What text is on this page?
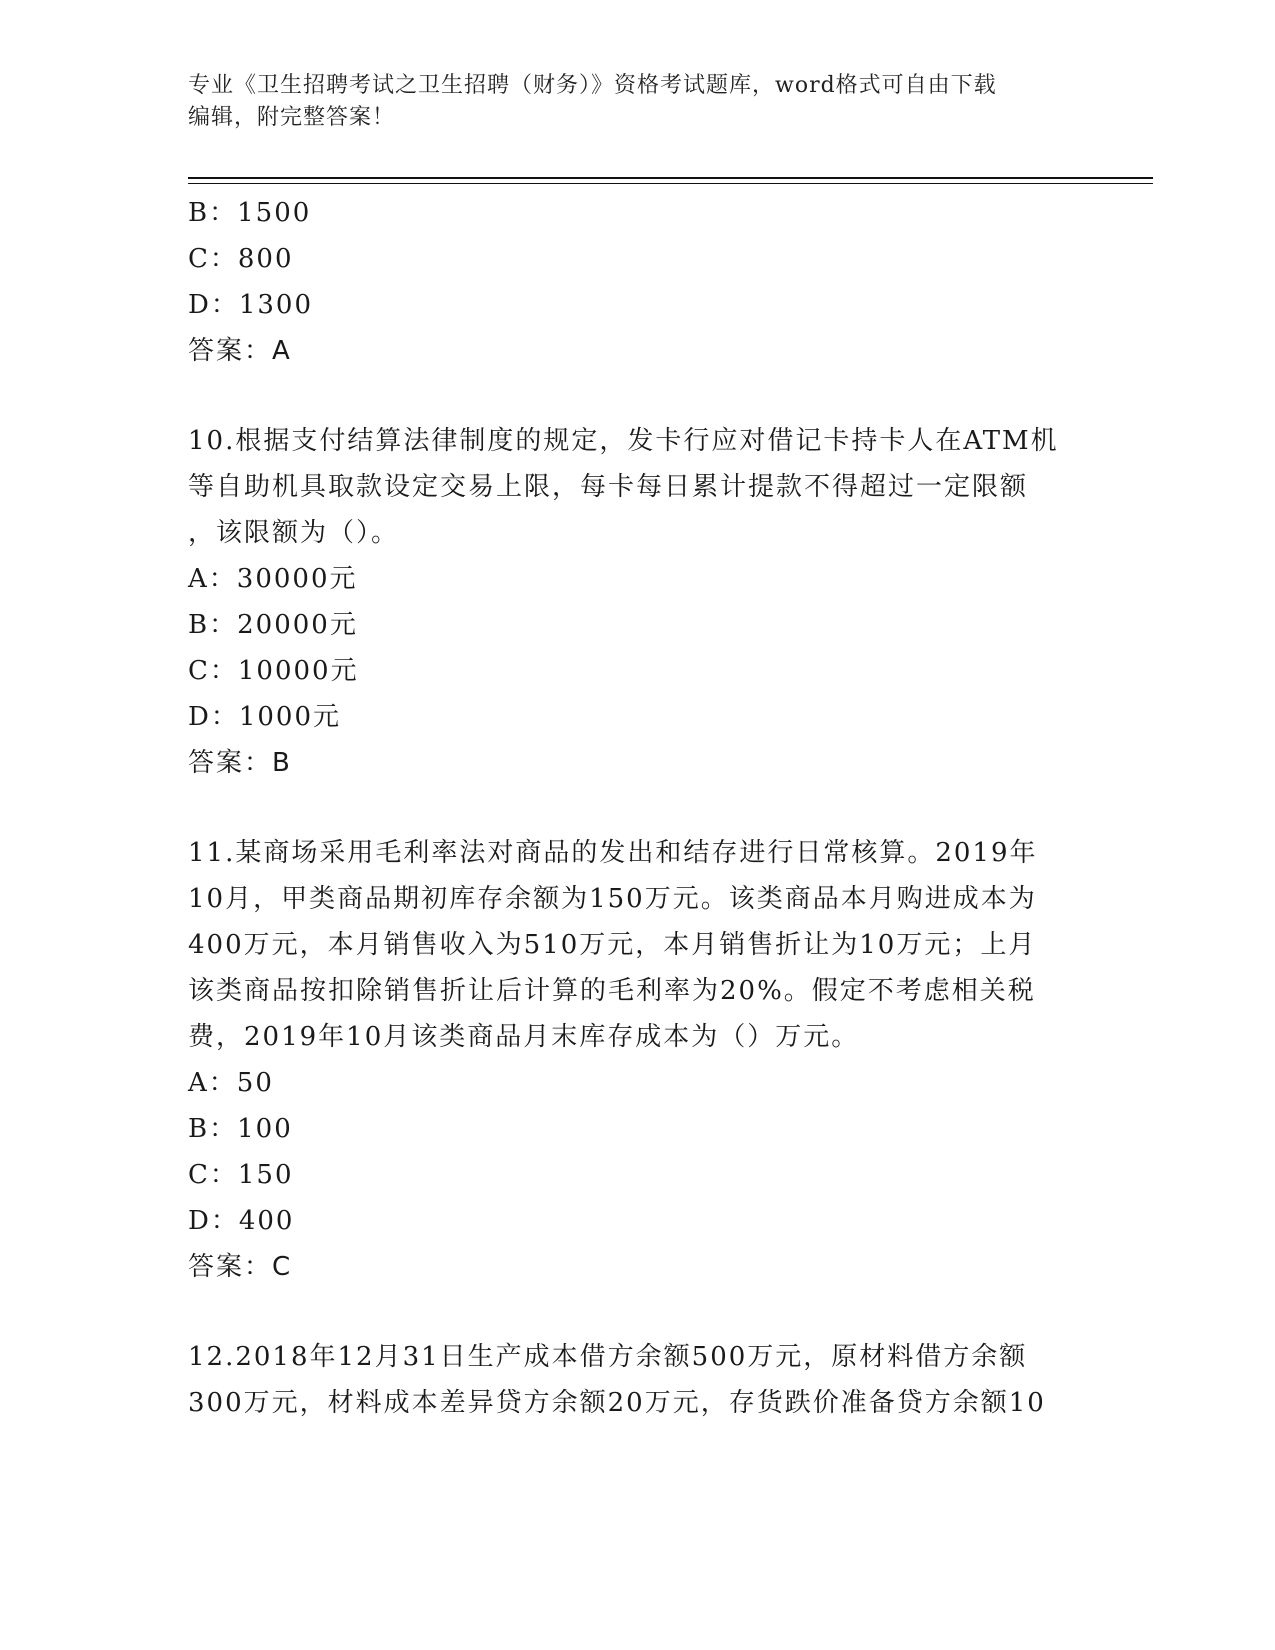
专业《卫生招聘考试之卫生招聘（财务）》资格考试题库，word格式可自由下载
编辑，附完整答案！
B：1500
C：800
D：1300
答案：A
10.根据支付结算法律制度的规定，发卡行应对借记卡持卡人在ATM机
等自助机具取款设定交易上限，每卡每日累计提款不得超过一定限额
，该限额为（）。
A：30000元
B：20000元
C：10000元
D：1000元
答案：B
11.某商场采用毛利率法对商品的发出和结存进行日常核算。2019年
10月，甲类商品期初库存余额为150万元。该类商品本月购进成本为
400万元，本月销售收入为510万元，本月销售折让为10万元；上月
该类商品按扣除销售折让后计算的毛利率为20%。假定不考虑相关税
费，2019年10月该类商品月末库存成本为（）万元。
A：50
B：100
C：150
D：400
答案：C
12.2018年12月31日生产成本借方余额500万元，原材料借方余额
300万元，材料成本差异贷方余额20万元，存货跌价准备贷方余额10
